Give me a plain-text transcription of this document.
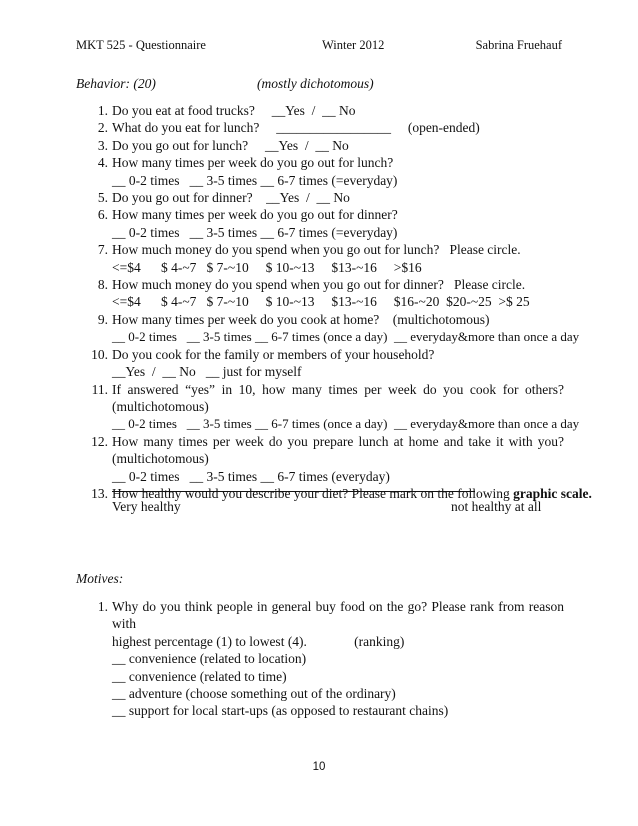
MKT 525 - Questionnaire	Winter 2012	Sabrina Fruehauf
Behavior: (20)	(mostly dichotomous)
1. Do you eat at food trucks?     __Yes  /  __ No
2. What do you eat for lunch?     _________________     (open-ended)
3. Do you go out for lunch?     __Yes  /  __ No
4. How many times per week do you go out for lunch?
__ 0-2 times   __ 3-5 times __ 6-7 times (=everyday)
5. Do you go out for dinner?    __Yes  /  __ No
6. How many times per week do you go out for dinner?
__ 0-2 times   __ 3-5 times __ 6-7 times (=everyday)
7. How much money do you spend when you go out for lunch?   Please circle.
<=$4      $ 4-~7   $ 7-~10     $ 10-~13     $13-~16     >$16
8. How much money do you spend when you go out for dinner?   Please circle.
<=$4      $ 4-~7   $ 7-~10     $ 10-~13     $13-~16     $16-~20  $20-~25  >$ 25
9. How many times per week do you cook at home?    (multichotomous)
__ 0-2 times   __ 3-5 times __ 6-7 times (once a day)  __ everyday&more than once a day
10. Do you cook for the family or members of your household?
__Yes  /  __ No   __ just for myself
11. If answered “yes” in 10, how many times per week do you cook for others?
(multichotomous)
__ 0-2 times   __ 3-5 times __ 6-7 times (once a day)  __ everyday&more than once a day
12. How many times per week do you prepare lunch at home and take it with you?
(multichotomous)
__ 0-2 times   __ 3-5 times __ 6-7 times (everyday)
13. How healthy would you describe your diet? Please mark on the following graphic scale.
Very healthy	not healthy at all
Motives:
1. Why do you think people in general buy food on the go? Please rank from reason with
highest percentage (1) to lowest (4).              (ranking)
__ convenience (related to location)
__ convenience (related to time)
__ adventure (choose something out of the ordinary)
__ support for local start-ups (as opposed to restaurant chains)
10
